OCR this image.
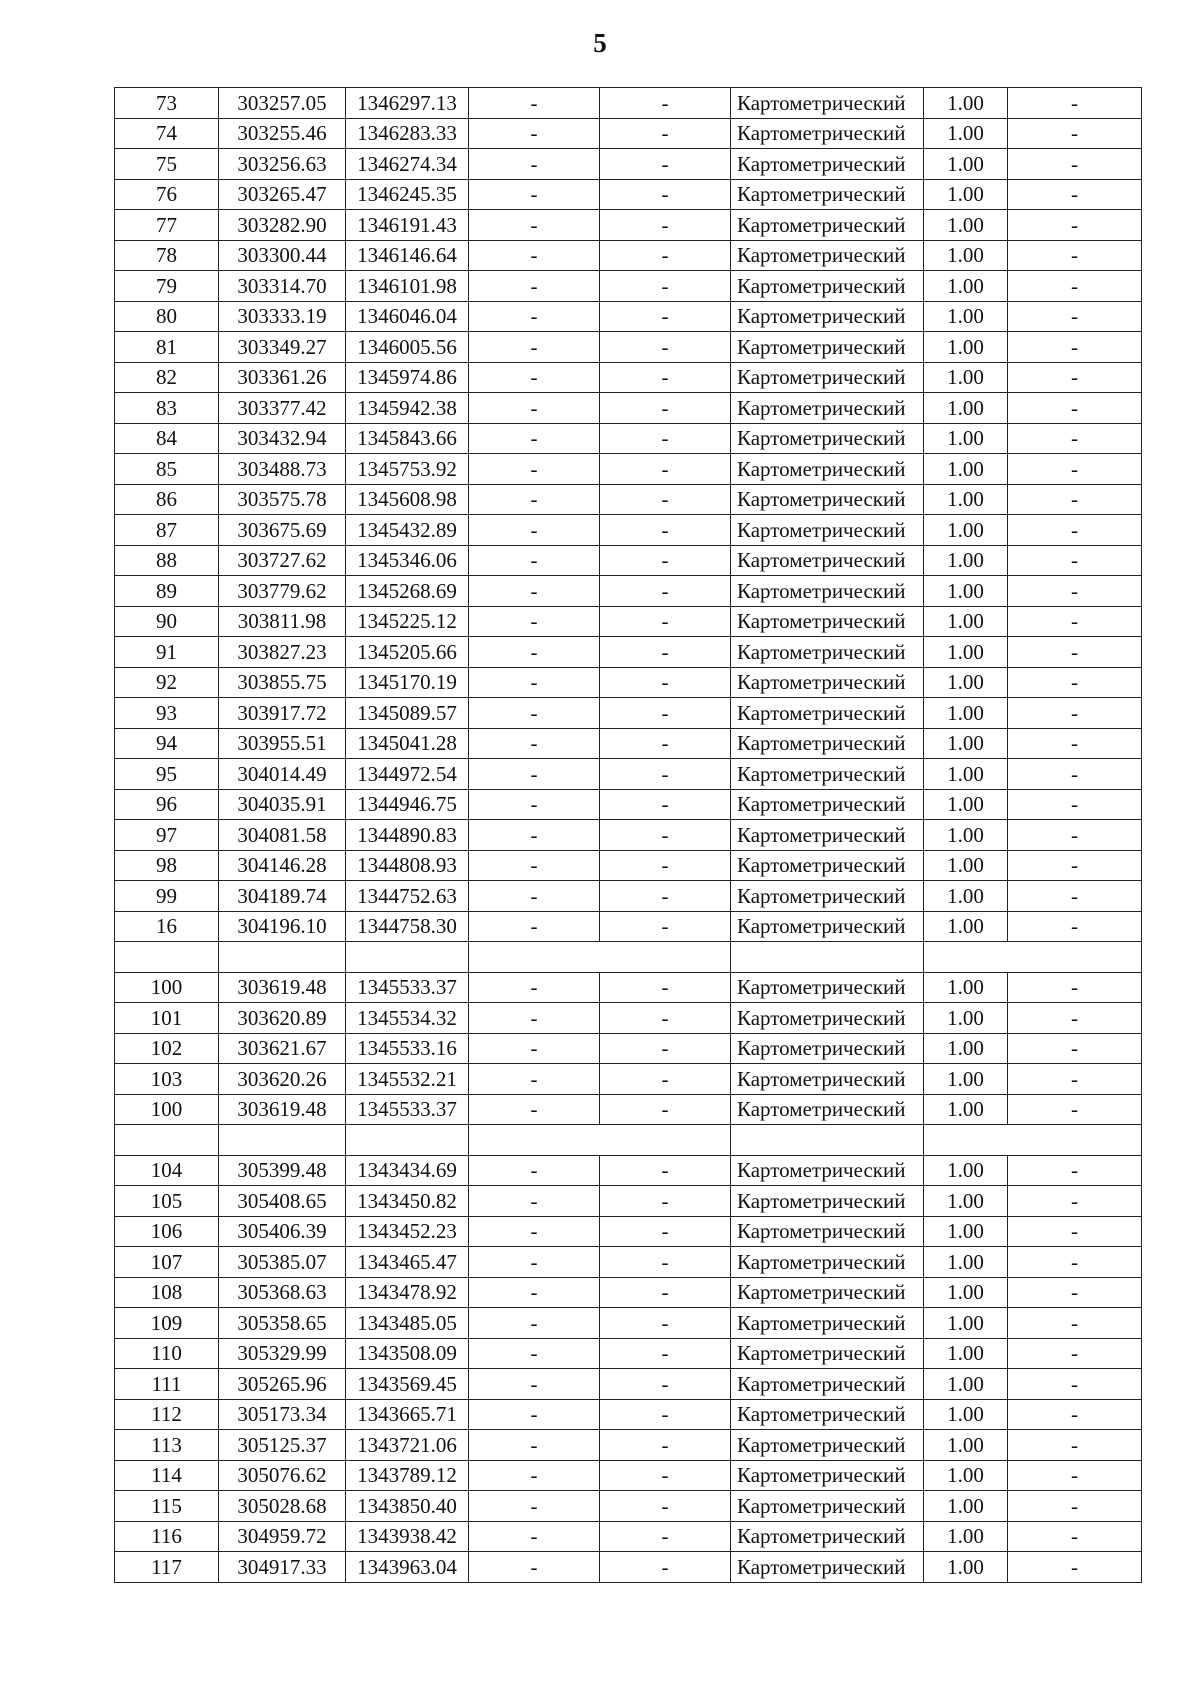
5
73	303257.05	1346297.13	-	-	Картометрический	1.00	-
74	303255.46	1346283.33	-	-	Картометрический	1.00	-
75	303256.63	1346274.34	-	-	Картометрический	1.00	-
76	303265.47	1346245.35	-	-	Картометрический	1.00	-
77	303282.90	1346191.43	-	-	Картометрический	1.00	-
78	303300.44	1346146.64	-	-	Картометрический	1.00	-
79	303314.70	1346101.98	-	-	Картометрический	1.00	-
80	303333.19	1346046.04	-	-	Картометрический	1.00	-
81	303349.27	1346005.56	-	-	Картометрический	1.00	-
82	303361.26	1345974.86	-	-	Картометрический	1.00	-
83	303377.42	1345942.38	-	-	Картометрический	1.00	-
84	303432.94	1345843.66	-	-	Картометрический	1.00	-
85	303488.73	1345753.92	-	-	Картометрический	1.00	-
86	303575.78	1345608.98	-	-	Картометрический	1.00	-
87	303675.69	1345432.89	-	-	Картометрический	1.00	-
88	303727.62	1345346.06	-	-	Картометрический	1.00	-
89	303779.62	1345268.69	-	-	Картометрический	1.00	-
90	303811.98	1345225.12	-	-	Картометрический	1.00	-
91	303827.23	1345205.66	-	-	Картометрический	1.00	-
92	303855.75	1345170.19	-	-	Картометрический	1.00	-
93	303917.72	1345089.57	-	-	Картометрический	1.00	-
94	303955.51	1345041.28	-	-	Картометрический	1.00	-
95	304014.49	1344972.54	-	-	Картометрический	1.00	-
96	304035.91	1344946.75	-	-	Картометрический	1.00	-
97	304081.58	1344890.83	-	-	Картометрический	1.00	-
98	304146.28	1344808.93	-	-	Картометрический	1.00	-
99	304189.74	1344752.63	-	-	Картометрический	1.00	-
16	304196.10	1344758.30	-	-	Картометрический	1.00	-

100	303619.48	1345533.37	-	-	Картометрический	1.00	-
101	303620.89	1345534.32	-	-	Картометрический	1.00	-
102	303621.67	1345533.16	-	-	Картометрический	1.00	-
103	303620.26	1345532.21	-	-	Картометрический	1.00	-
100	303619.48	1345533.37	-	-	Картометрический	1.00	-

104	305399.48	1343434.69	-	-	Картометрический	1.00	-
105	305408.65	1343450.82	-	-	Картометрический	1.00	-
106	305406.39	1343452.23	-	-	Картометрический	1.00	-
107	305385.07	1343465.47	-	-	Картометрический	1.00	-
108	305368.63	1343478.92	-	-	Картометрический	1.00	-
109	305358.65	1343485.05	-	-	Картометрический	1.00	-
110	305329.99	1343508.09	-	-	Картометрический	1.00	-
111	305265.96	1343569.45	-	-	Картометрический	1.00	-
112	305173.34	1343665.71	-	-	Картометрический	1.00	-
113	305125.37	1343721.06	-	-	Картометрический	1.00	-
114	305076.62	1343789.12	-	-	Картометрический	1.00	-
115	305028.68	1343850.40	-	-	Картометрический	1.00	-
116	304959.72	1343938.42	-	-	Картометрический	1.00	-
117	304917.33	1343963.04	-	-	Картометрический	1.00	-
